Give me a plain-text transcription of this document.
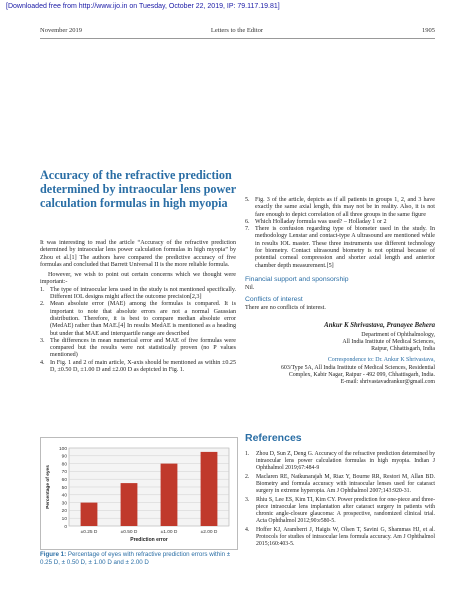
[Downloaded free from http://www.ijo.in on Tuesday, October 22, 2019, IP: 79.117.19.81]
November 2019	Letters to the Editor	1905
Accuracy of the refractive prediction determined by intraocular lens power calculation formulas in high myopia

It was interesting to read the article “Accuracy of the refractive prediction determined by intraocular lens power calculation formulas in high myopia” by Zhou et al.[1] The authors have compared the predictive accuracy of five formulas and concluded that Barrett Universal II is the more reliable formula.

However, we wish to point out certain concerns which we thought were important:-

1. The type of intraocular lens used in the study is not mentioned specifically. Different IOL designs might affect the outcome precision[2,3]
2. Mean absolute error (MAE) among the formulas is compared. It is important to note that absolute errors are not a normal Gaussian distribution. Therefore, it is best to compare median absolute error (MedAE) rather than MAE.[4] In results MedAE is mentioned as a heading but under that MAE and interquartile range are described
3. The differences in mean numerical error and MAE of five formulas were compared but the results were not statistically proven (no P values mentioned)
4. In Fig. 1 and 2 of main article, X-axis should be mentioned as within ±0.25 D, ±0.50 D, ±1.00 D and ±2.00 D as depicted in Fig. 1.
0
10
20
30
40
50
60
70
80
90
100
±0.25 D	±0.50 D	±1.00 D	±2.00 D
Prediction error
Percentage of eyes
Figure 1: Percentage of eyes with refractive prediction errors within ± 0.25 D, ± 0.50 D, ± 1.00 D and ± 2.00 D
5. Fig. 3 of the article, depicts as if all patients in groups 1, 2, and 3 have exactly the same axial length, this may not be in reality. Also, it is not fare enough to depict correlation of all three groups in the same figure
6. Which Holladay formula was used? – Holladay 1 or 2
7. There is confusion regarding type of biometer used in the study. In methodology Lenstar and contact-type A ultrasound are mentioned while in results IOL master. These three instruments use different technology for biometry. Contact ultrasound biometry is not optimal because of potential corneal compression and shorter axial length and anterior chamber depth measurement.[5]
Financial support and sponsorship
Nil.
Conflicts of interest
There are no conflicts of interest.
Ankur K Shrivastava, Pranayee Behera
Department of Ophthalmology,
All India Institute of Medical Sciences,
Raipur, Chhattisgarh, India
Correspondence to: Dr. Ankur K Shrivastava,
603/Type 5A, All India Institute of Medical Sciences, Residential
Complex, Kabir Nagar, Raipur - 492 099, Chhattisgarh, India.
E-mail: shrivastavadrankur@gmail.com
References
1. Zhou D, Sun Z, Deng G. Accuracy of the refractive prediction determined by intraocular lens power calculation formulas in high myopia. Indian J Ophthalmol 2019;67:484-9
2. Maclaren RE, Natkunarajah M, Riaz Y, Bourne RR, Restori M, Allan BD. Biometry and formula accuracy with intraocular lenses used for cataract surgery in extreme hyperopia. Am J Ophthalmol 2007;143:920-31.
3. Rhiu S, Lee ES, Kim TI, Kim CY. Power prediction for one-piece and three-piece intraocular lens implantation after cataract surgery in patients with chronic angle-closure glaucoma: A prospective, randomized clinical trial. Acta Ophthalmol 2012;90:e580-5.
4. Hoffer KJ, Aramberri J, Haigis W, Olsen T, Savini G, Shammas HJ, et al. Protocols for studies of intraocular lens formula accuracy. Am J Ophthalmol 2015;160:403-5.
